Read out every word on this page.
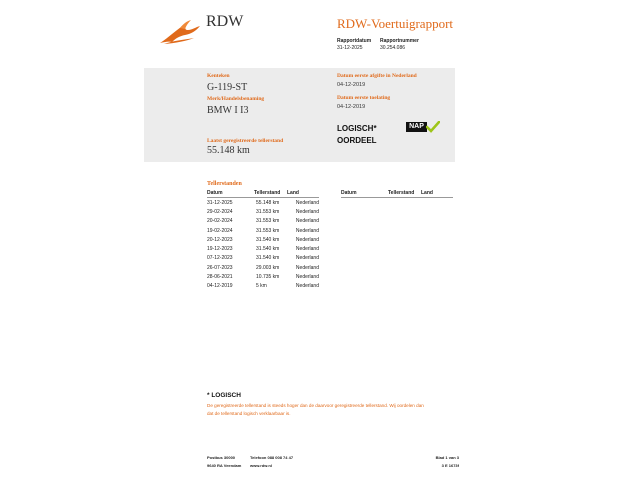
RDW	RDW-Voertuigrapport
Rapportdatum
31-12-2025
Rapportnummer
30.254.086
Kenteken
G-119-ST
Merk/Handelsbenaming
BMW I I3
Laatst geregistreerde tellerstand
55.148 km
Datum eerste afgifte in Nederland
04-12-2019
Datum eerste toelating
04-12-2019
LOGISCH*
OORDEEL
NAP
Tellerstanden
Datum	Tellerstand	Land
31-12-2025	55.148 km	Nederland
29-02-2024	31.553 km	Nederland
20-02-2024	31.553 km	Nederland
19-02-2024	31.553 km	Nederland
20-12-2023	31.540 km	Nederland
19-12-2023	31.540 km	Nederland
07-12-2023	31.540 km	Nederland
26-07-2023	29.003 km	Nederland
28-06-2021	10.735 km	Nederland
04-12-2019	5 km	Nederland
Datum	Tellerstand	Land
* LOGISCH
De geregistreerde tellerstand is steeds hoger dan de daarvoor geregistreerde tellerstand. Wij oordelen dan
dat de tellerstand logisch verklaarbaar is.
Postbus 30000
9640 RA Veendam
Telefoon 088 008 74 47
www.rdw.nl
Blad 1 van 3
3 E 1673f
